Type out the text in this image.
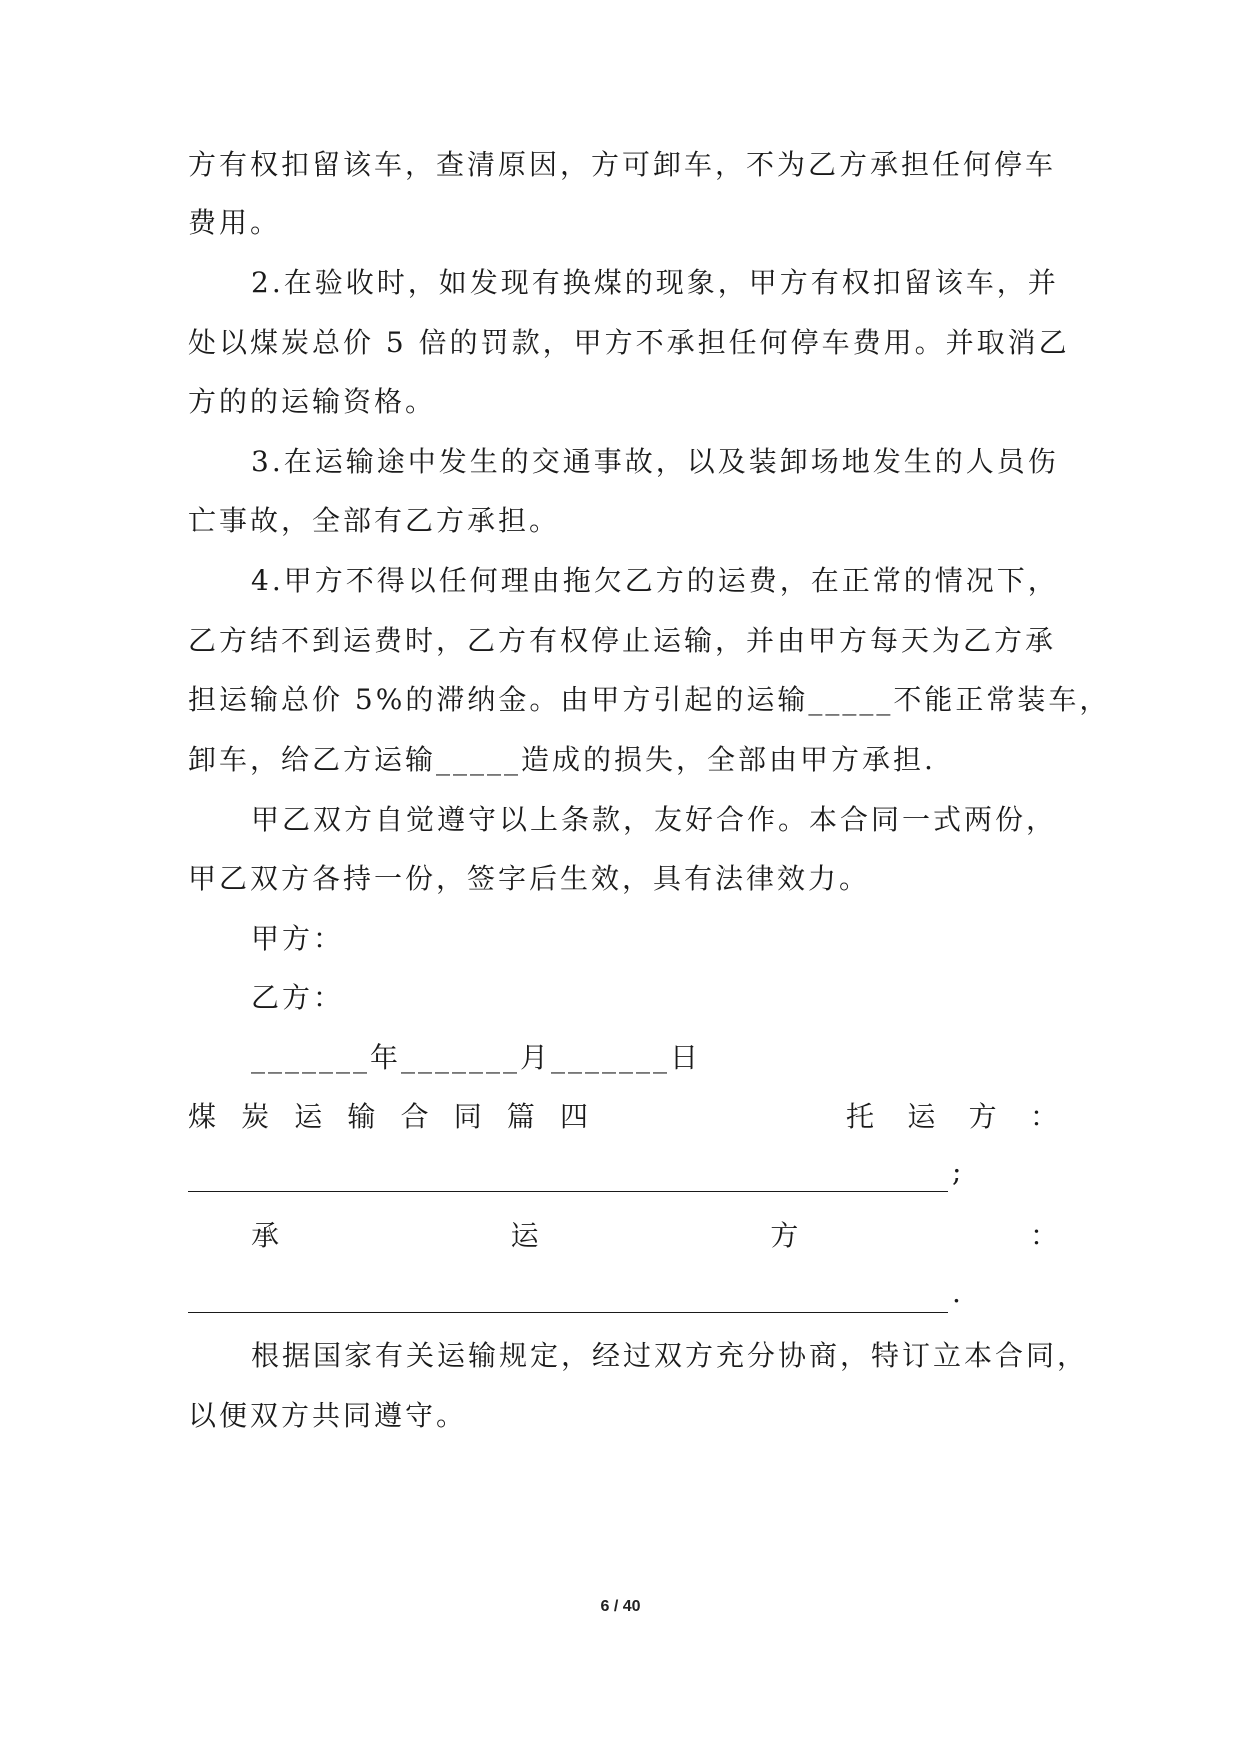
方有权扣留该车，查清原因，方可卸车，不为乙方承担任何停车
费用。
2.在验收时，如发现有换煤的现象，甲方有权扣留该车，并
处以煤炭总价 5 倍的罚款，甲方不承担任何停车费用。并取消乙
方的的运输资格。
3.在运输途中发生的交通事故，以及装卸场地发生的人员伤
亡事故，全部有乙方承担。
4.甲方不得以任何理由拖欠乙方的运费，在正常的情况下，
乙方结不到运费时，乙方有权停止运输，并由甲方每天为乙方承
担运输总价 5%的滞纳金。由甲方引起的运输_____不能正常装车，
卸车，给乙方运输_____造成的损失，全部由甲方承担.
甲乙双方自觉遵守以上条款，友好合作。本合同一式两份，
甲乙双方各持一份，签字后生效，具有法律效力。
甲方：
乙方：
_______年_______月_______日
煤 炭 运 输 合 同 篇 四	托 运 方 ：
;
承	运	方	：
.
根据国家有关运输规定，经过双方充分协商，特订立本合同，
以便双方共同遵守。
6 / 40
